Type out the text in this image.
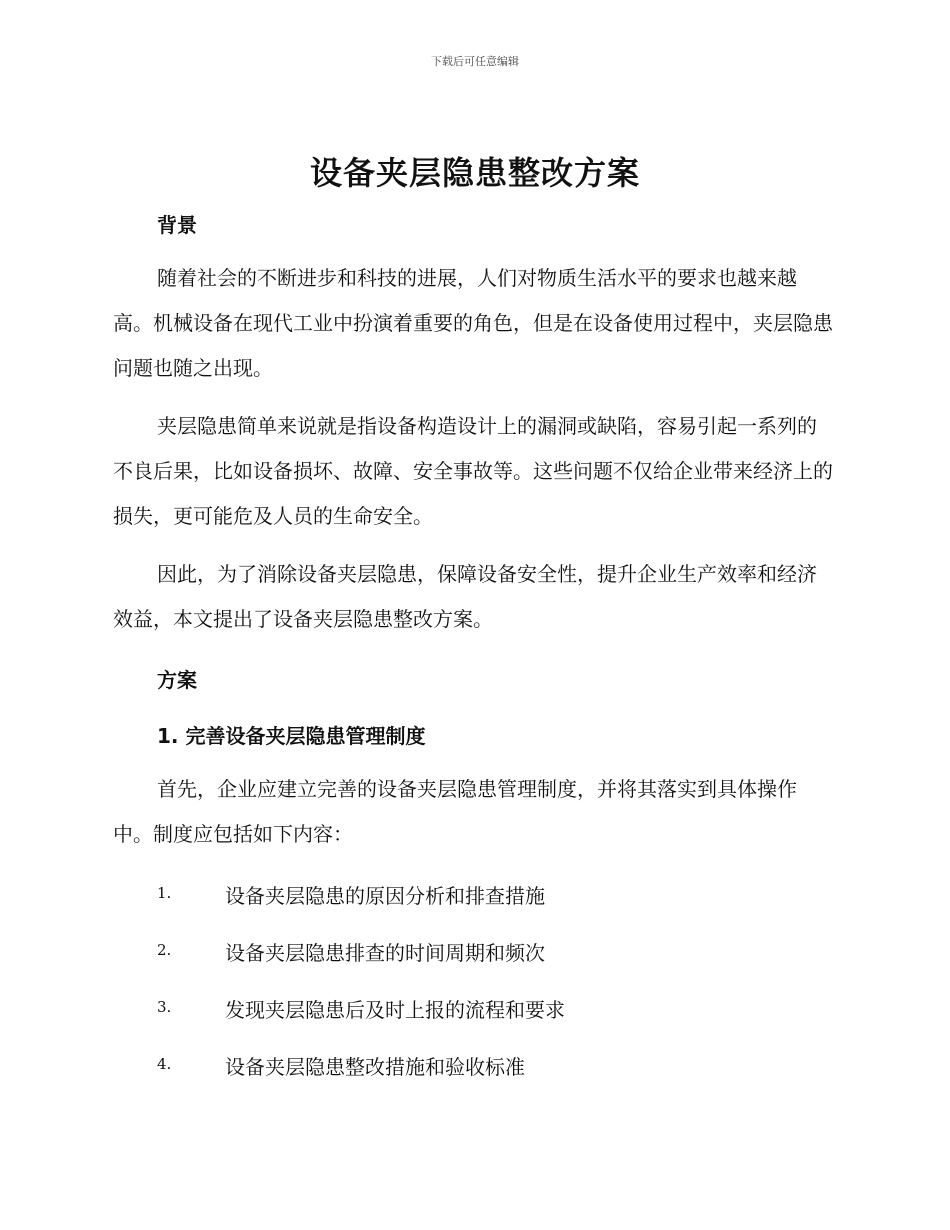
下载后可任意编辑
设备夹层隐患整改方案
背景
随着社会的不断进步和科技的进展，人们对物质生活水平的要求也越来越高。机械设备在现代工业中扮演着重要的角色，但是在设备使用过程中，夹层隐患问题也随之出现。
夹层隐患简单来说就是指设备构造设计上的漏洞或缺陷，容易引起一系列的不良后果，比如设备损坏、故障、安全事故等。这些问题不仅给企业带来经济上的损失，更可能危及人员的生命安全。
因此，为了消除设备夹层隐患，保障设备安全性，提升企业生产效率和经济效益，本文提出了设备夹层隐患整改方案。
方案
1. 完善设备夹层隐患管理制度
首先，企业应建立完善的设备夹层隐患管理制度，并将其落实到具体操作中。制度应包括如下内容：
1.	设备夹层隐患的原因分析和排查措施
2.	设备夹层隐患排查的时间周期和频次
3.	发现夹层隐患后及时上报的流程和要求
4.	设备夹层隐患整改措施和验收标准
